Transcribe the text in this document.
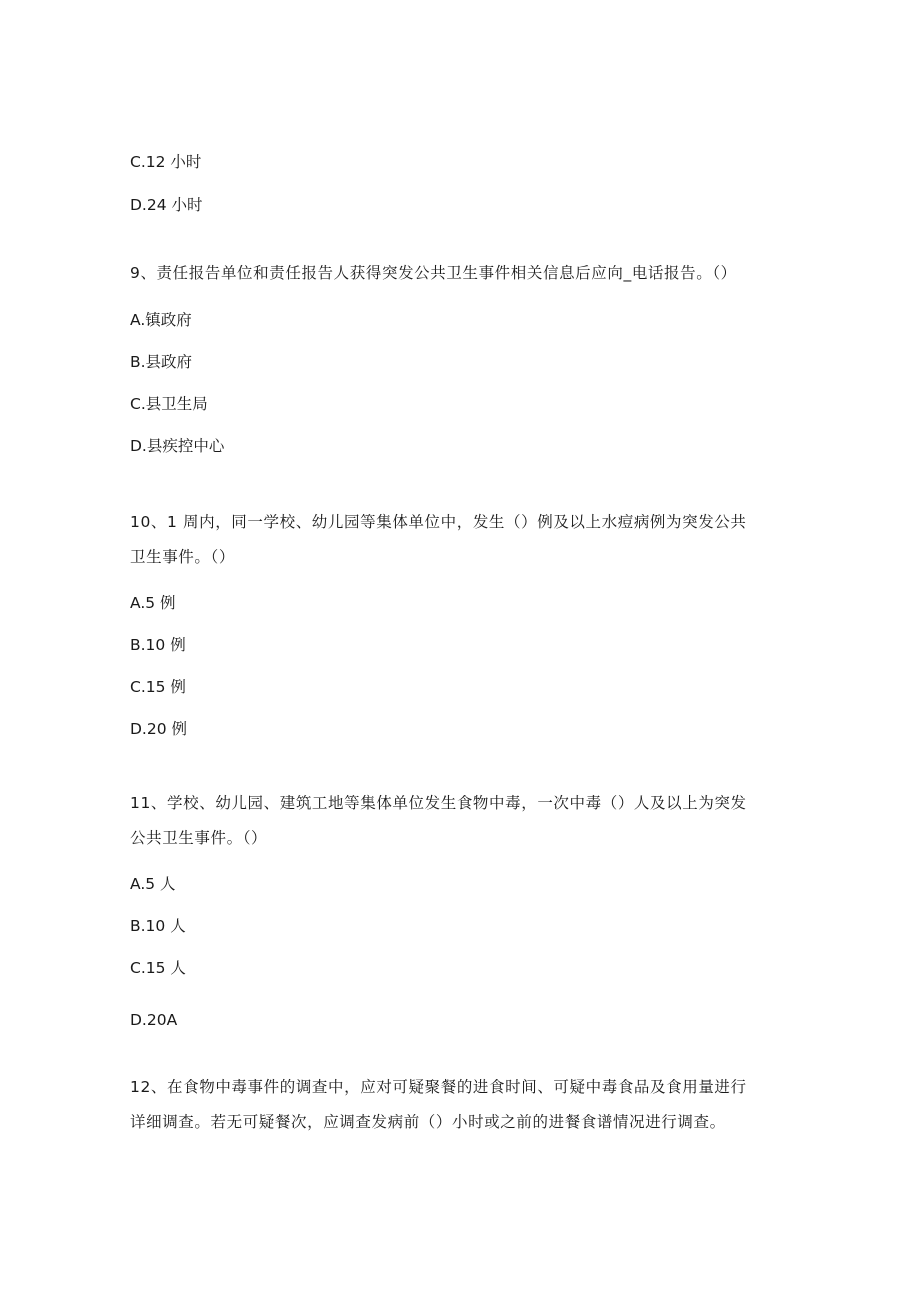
C.12 小时
D.24 小时
9、责任报告单位和责任报告人获得突发公共卫生事件相关信息后应向_电话报告。（）
A.镇政府
B.县政府
C.县卫生局
D.县疾控中心
10、1 周内，同一学校、幼儿园等集体单位中，发生（）例及以上水痘病例为突发公共
卫生事件。（）
A.5 例
B.10 例
C.15 例
D.20 例
11、学校、幼儿园、建筑工地等集体单位发生食物中毒，一次中毒（）人及以上为突发
公共卫生事件。（）
A.5 人
B.10 人
C.15 人
D.20A
12、在食物中毒事件的调查中，应对可疑聚餐的进食时间、可疑中毒食品及食用量进行
详细调查。若无可疑餐次，应调查发病前（）小时或之前的进餐食谱情况进行调查。
